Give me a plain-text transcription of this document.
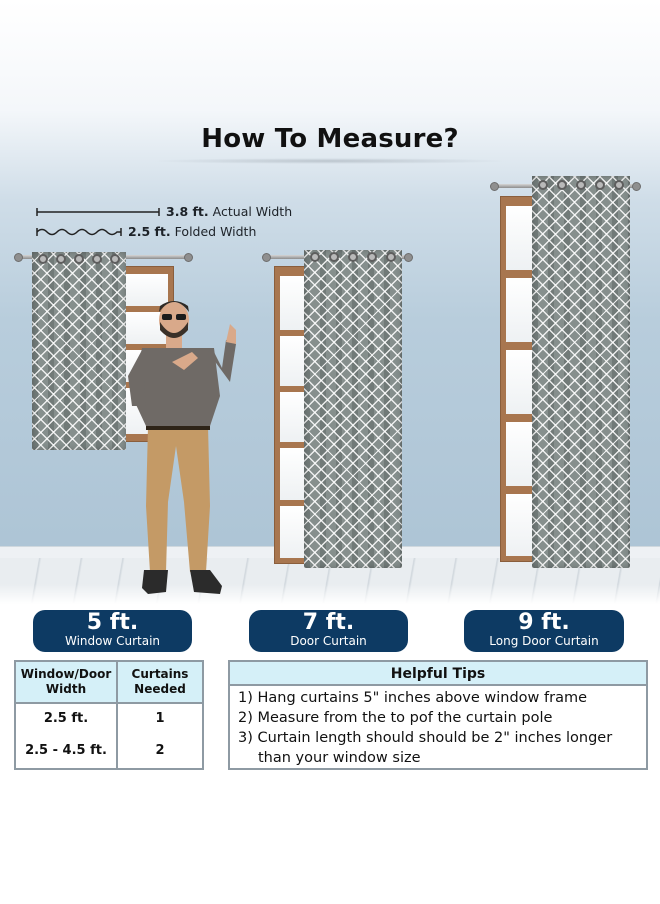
How To Measure?
3.8 ft. Actual Width
2.5 ft. Folded Width
5 ft.
Window Curtain
7 ft.
Door Curtain
9 ft.
Long Door Curtain
Window/Door Width	Curtains Needed
2.5 ft.	1
2.5 - 4.5 ft.	2
Helpful Tips
1) Hang curtains 5" inches above window frame
2) Measure from the to pof the curtain pole
3) Curtain length should should be 2" inches longer
than your window size
